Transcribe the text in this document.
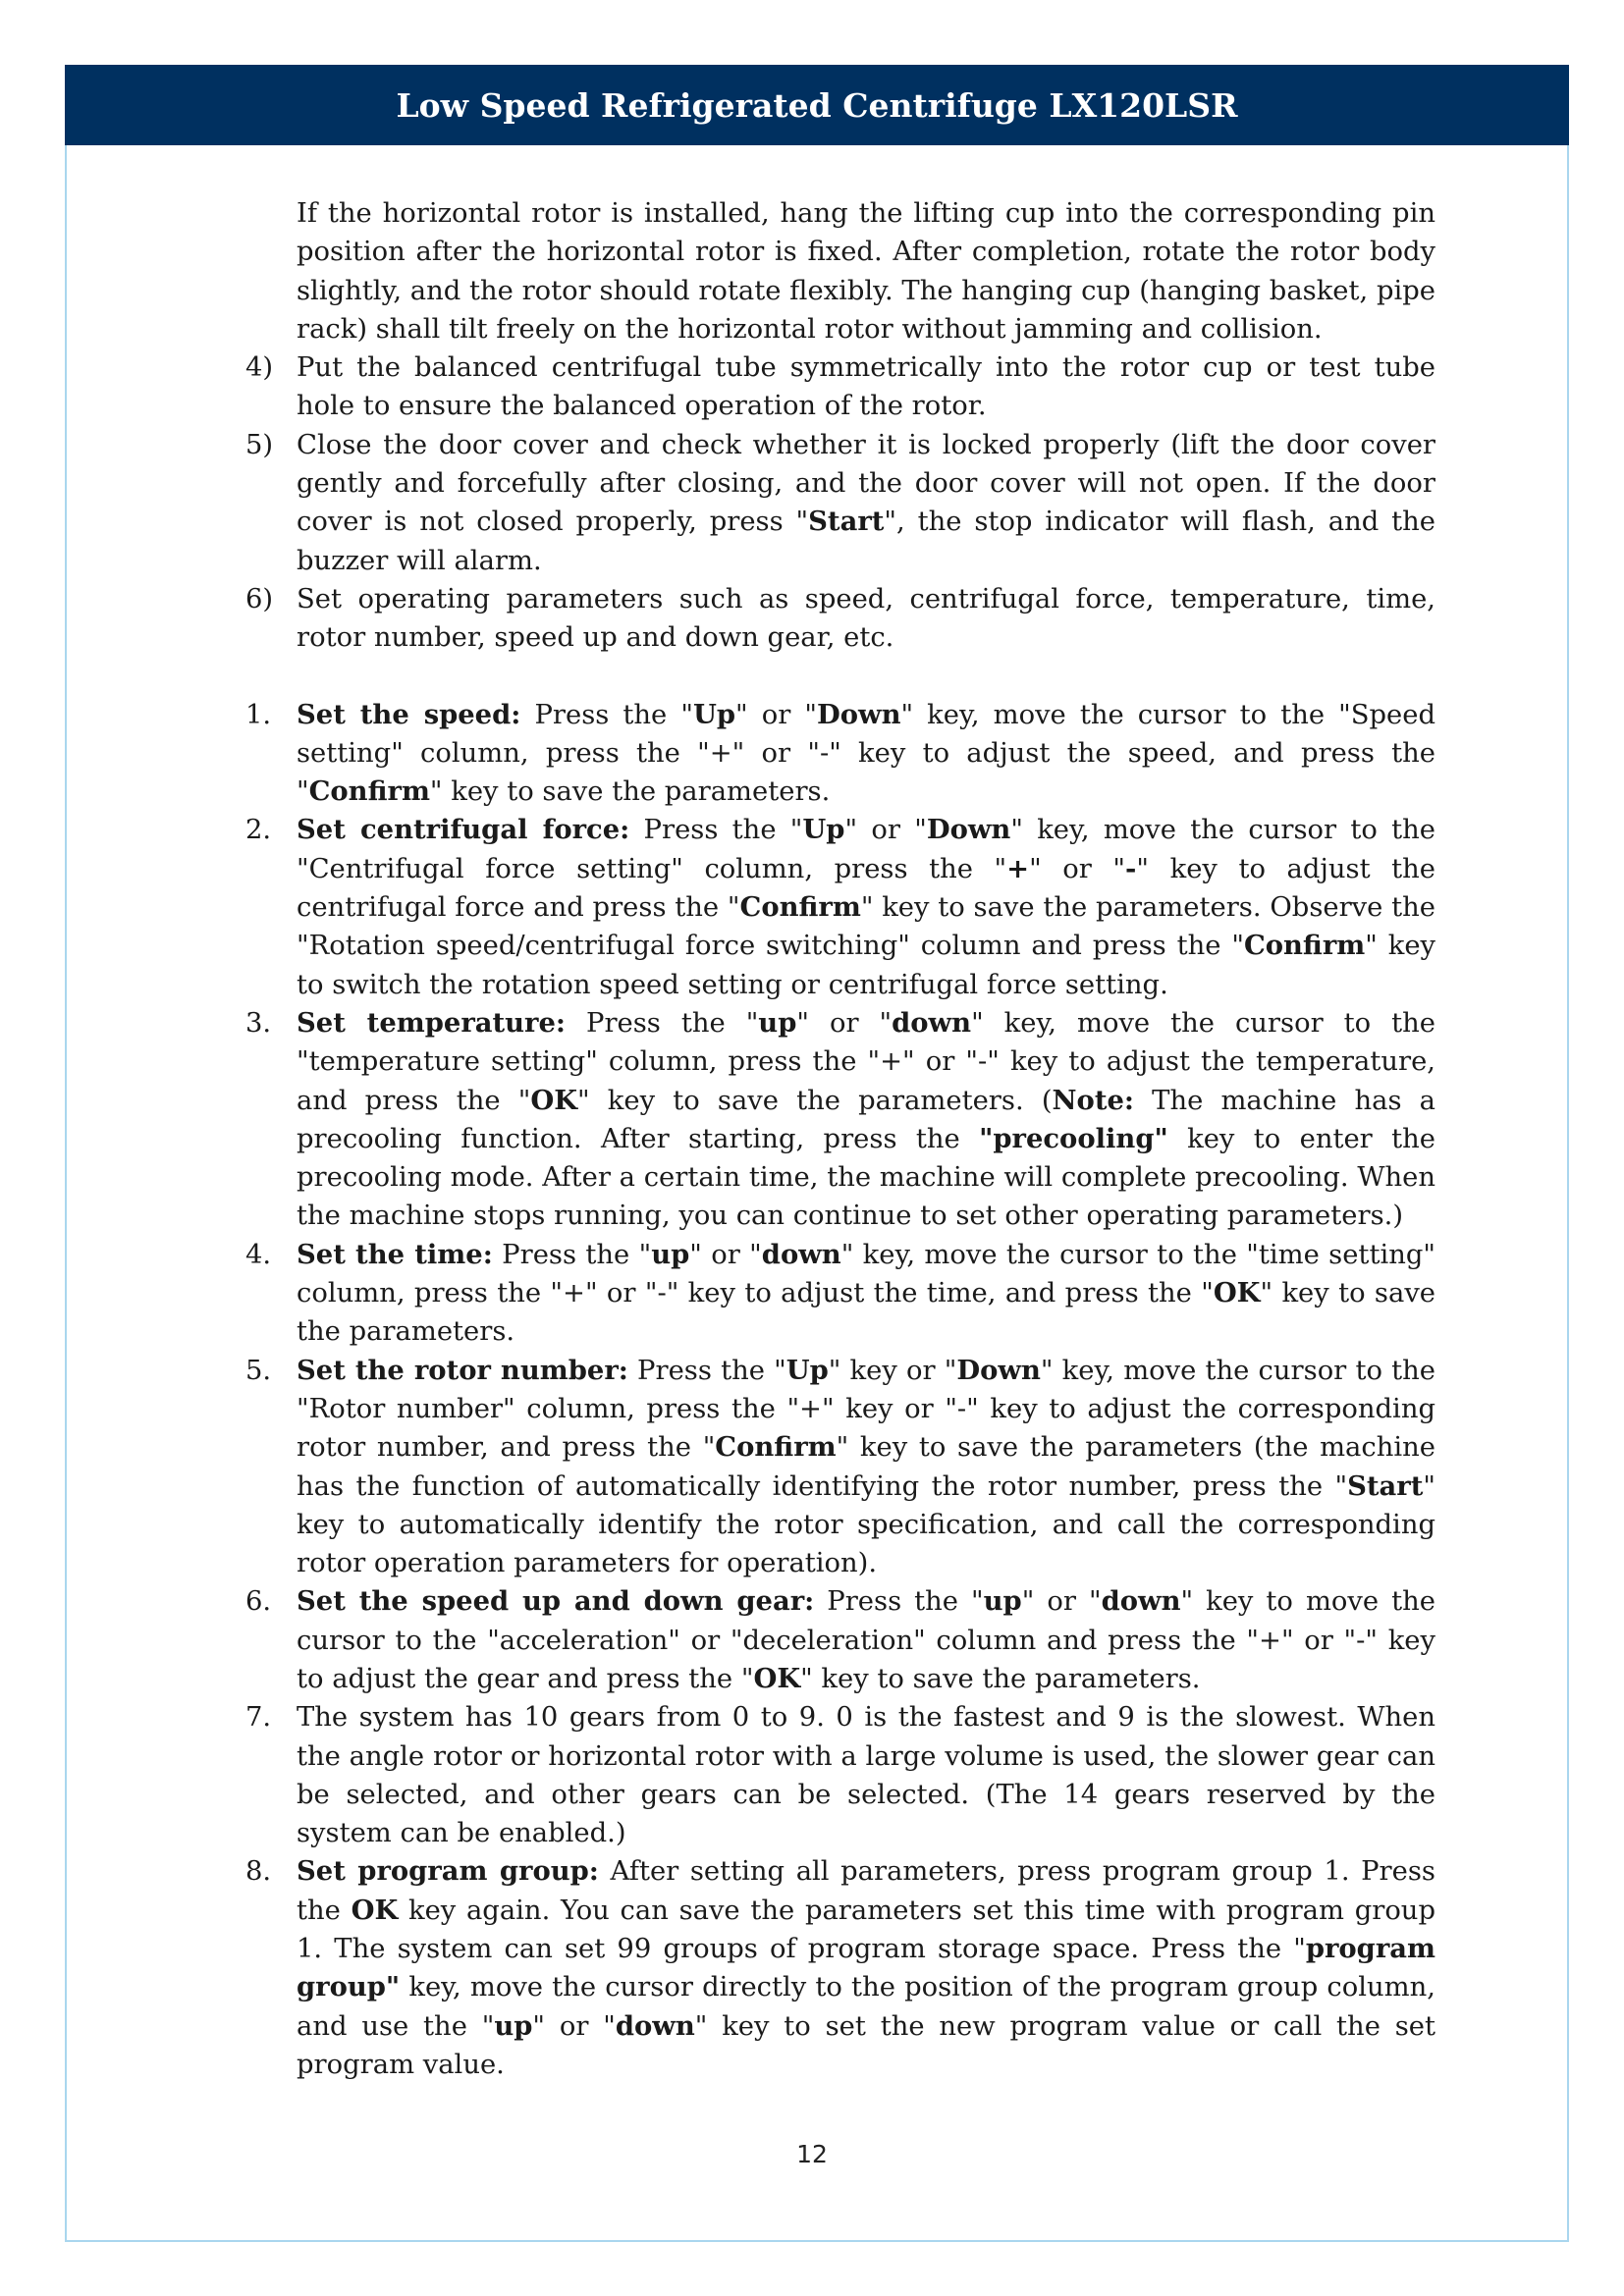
Low Speed Refrigerated Centrifuge LX120LSR
If the horizontal rotor is installed, hang the lifting cup into the corresponding pin position after the horizontal rotor is fixed. After completion, rotate the rotor body slightly, and the rotor should rotate flexibly. The hanging cup (hanging basket, pipe rack) shall tilt freely on the horizontal rotor without jamming and collision.
4) Put the balanced centrifugal tube symmetrically into the rotor cup or test tube hole to ensure the balanced operation of the rotor.
5) Close the door cover and check whether it is locked properly (lift the door cover gently and forcefully after closing, and the door cover will not open. If the door cover is not closed properly, press "Start", the stop indicator will flash, and the buzzer will alarm.
6) Set operating parameters such as speed, centrifugal force, temperature, time, rotor number, speed up and down gear, etc.
1. Set the speed: Press the "Up" or "Down" key, move the cursor to the "Speed setting" column, press the "+" or "-" key to adjust the speed, and press the "Confirm" key to save the parameters.
2. Set centrifugal force: Press the "Up" or "Down" key, move the cursor to the "Centrifugal force setting" column, press the "+" or "-" key to adjust the centrifugal force and press the "Confirm" key to save the parameters. Observe the "Rotation speed/centrifugal force switching" column and press the "Confirm" key to switch the rotation speed setting or centrifugal force setting.
3. Set temperature: Press the "up" or "down" key, move the cursor to the "temperature setting" column, press the "+" or "-" key to adjust the temperature, and press the "OK" key to save the parameters. (Note: The machine has a precooling function. After starting, press the "precooling" key to enter the precooling mode. After a certain time, the machine will complete precooling. When the machine stops running, you can continue to set other operating parameters.)
4. Set the time: Press the "up" or "down" key, move the cursor to the "time setting" column, press the "+" or "-" key to adjust the time, and press the "OK" key to save the parameters.
5. Set the rotor number: Press the "Up" key or "Down" key, move the cursor to the "Rotor number" column, press the "+" key or "-" key to adjust the corresponding rotor number, and press the "Confirm" key to save the parameters (the machine has the function of automatically identifying the rotor number, press the "Start" key to automatically identify the rotor specification, and call the corresponding rotor operation parameters for operation).
6. Set the speed up and down gear: Press the "up" or "down" key to move the cursor to the "acceleration" or "deceleration" column and press the "+" or "-" key to adjust the gear and press the "OK" key to save the parameters.
7. The system has 10 gears from 0 to 9. 0 is the fastest and 9 is the slowest. When the angle rotor or horizontal rotor with a large volume is used, the slower gear can be selected, and other gears can be selected. (The 14 gears reserved by the system can be enabled.)
8. Set program group: After setting all parameters, press program group 1. Press the OK key again. You can save the parameters set this time with program group 1. The system can set 99 groups of program storage space. Press the "program group" key, move the cursor directly to the position of the program group column, and use the "up" or "down" key to set the new program value or call the set program value.
12
